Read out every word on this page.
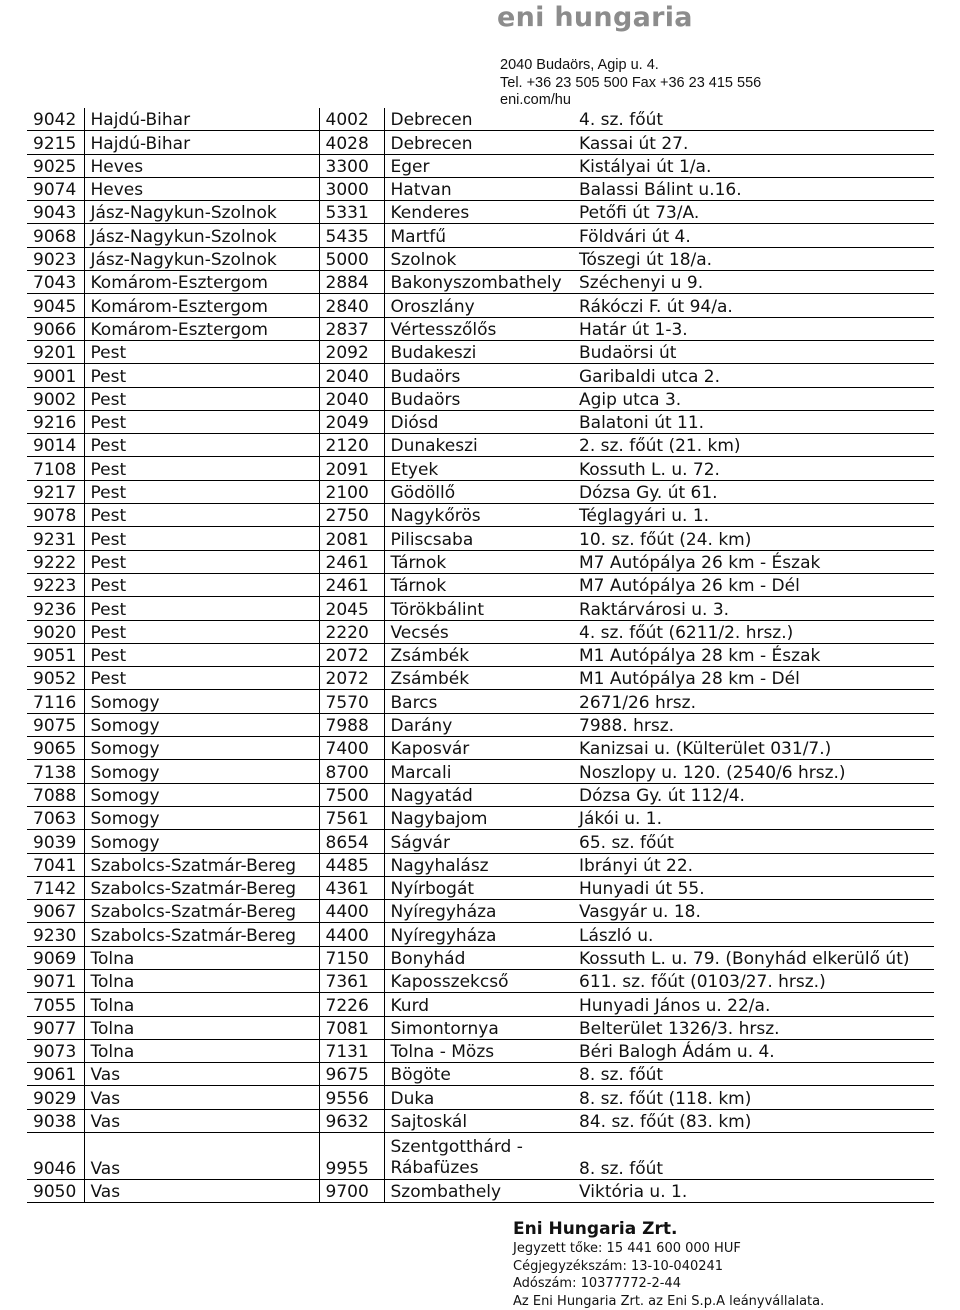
eni hungaria
2040 Budaörs, Agip u. 4.
Tel. +36 23 505 500 Fax +36 23 415 556
eni.com/hu
9042	Hajdú-Bihar	4002	Debrecen	4. sz. főút
9215	Hajdú-Bihar	4028	Debrecen	Kassai út 27.
9025	Heves	3300	Eger	Kistályai út 1/a.
9074	Heves	3000	Hatvan	Balassi Bálint u.16.
9043	Jász-Nagykun-Szolnok	5331	Kenderes	Petőfi út 73/A.
9068	Jász-Nagykun-Szolnok	5435	Martfű	Földvári út 4.
9023	Jász-Nagykun-Szolnok	5000	Szolnok	Tószegi út 18/a.
7043	Komárom-Esztergom	2884	Bakonyszombathely	Széchenyi u 9.
9045	Komárom-Esztergom	2840	Oroszlány	Rákóczi F. út 94/a.
9066	Komárom-Esztergom	2837	Vértesszőlős	Határ út 1-3.
9201	Pest	2092	Budakeszi	Budaörsi út
9001	Pest	2040	Budaörs	Garibaldi utca 2.
9002	Pest	2040	Budaörs	Agip utca 3.
9216	Pest	2049	Diósd	Balatoni út 11.
9014	Pest	2120	Dunakeszi	2. sz. főút (21. km)
7108	Pest	2091	Etyek	Kossuth L. u. 72.
9217	Pest	2100	Gödöllő	Dózsa Gy. út 61.
9078	Pest	2750	Nagykőrös	Téglagyári u. 1.
9231	Pest	2081	Piliscsaba	10. sz. főút (24. km)
9222	Pest	2461	Tárnok	M7 Autópálya 26 km - Észak
9223	Pest	2461	Tárnok	M7 Autópálya 26 km - Dél
9236	Pest	2045	Törökbálint	Raktárvárosi u. 3.
9020	Pest	2220	Vecsés	4. sz. főút (6211/2. hrsz.)
9051	Pest	2072	Zsámbék	M1 Autópálya 28 km - Észak
9052	Pest	2072	Zsámbék	M1 Autópálya 28 km - Dél
7116	Somogy	7570	Barcs	2671/26 hrsz.
9075	Somogy	7988	Darány	7988. hrsz.
9065	Somogy	7400	Kaposvár	Kanizsai u. (Külterület 031/7.)
7138	Somogy	8700	Marcali	Noszlopy u. 120. (2540/6 hrsz.)
7088	Somogy	7500	Nagyatád	Dózsa Gy. út 112/4.
7063	Somogy	7561	Nagybajom	Jákói u. 1.
9039	Somogy	8654	Ságvár	65. sz. főút
7041	Szabolcs-Szatmár-Bereg	4485	Nagyhalász	Ibrányi út 22.
7142	Szabolcs-Szatmár-Bereg	4361	Nyírbogát	Hunyadi út 55.
9067	Szabolcs-Szatmár-Bereg	4400	Nyíregyháza	Vasgyár u. 18.
9230	Szabolcs-Szatmár-Bereg	4400	Nyíregyháza	László u.
9069	Tolna	7150	Bonyhád	Kossuth L. u. 79. (Bonyhád elkerülő út)
9071	Tolna	7361	Kaposszekcső	611. sz. főút (0103/27. hrsz.)
7055	Tolna	7226	Kurd	Hunyadi János u. 22/a.
9077	Tolna	7081	Simontornya	Belterület 1326/3. hrsz.
9073	Tolna	7131	Tolna - Mözs	Béri Balogh Ádám u. 4.
9061	Vas	9675	Bögöte	8. sz. főút
9029	Vas	9556	Duka	8. sz. főút (118. km)
9038	Vas	9632	Sajtoskál	84. sz. főút (83. km)
9046	Vas	9955	Szentgotthárd - Rábafüzes	8. sz. főút
9050	Vas	9700	Szombathely	Viktória u. 1.
Eni Hungaria Zrt.
Jegyzett tőke: 15 441 600 000 HUF
Cégjegyzékszám: 13-10-040241
Adószám: 10377772-2-44
Az Eni Hungaria Zrt. az Eni S.p.A leányvállalata.
